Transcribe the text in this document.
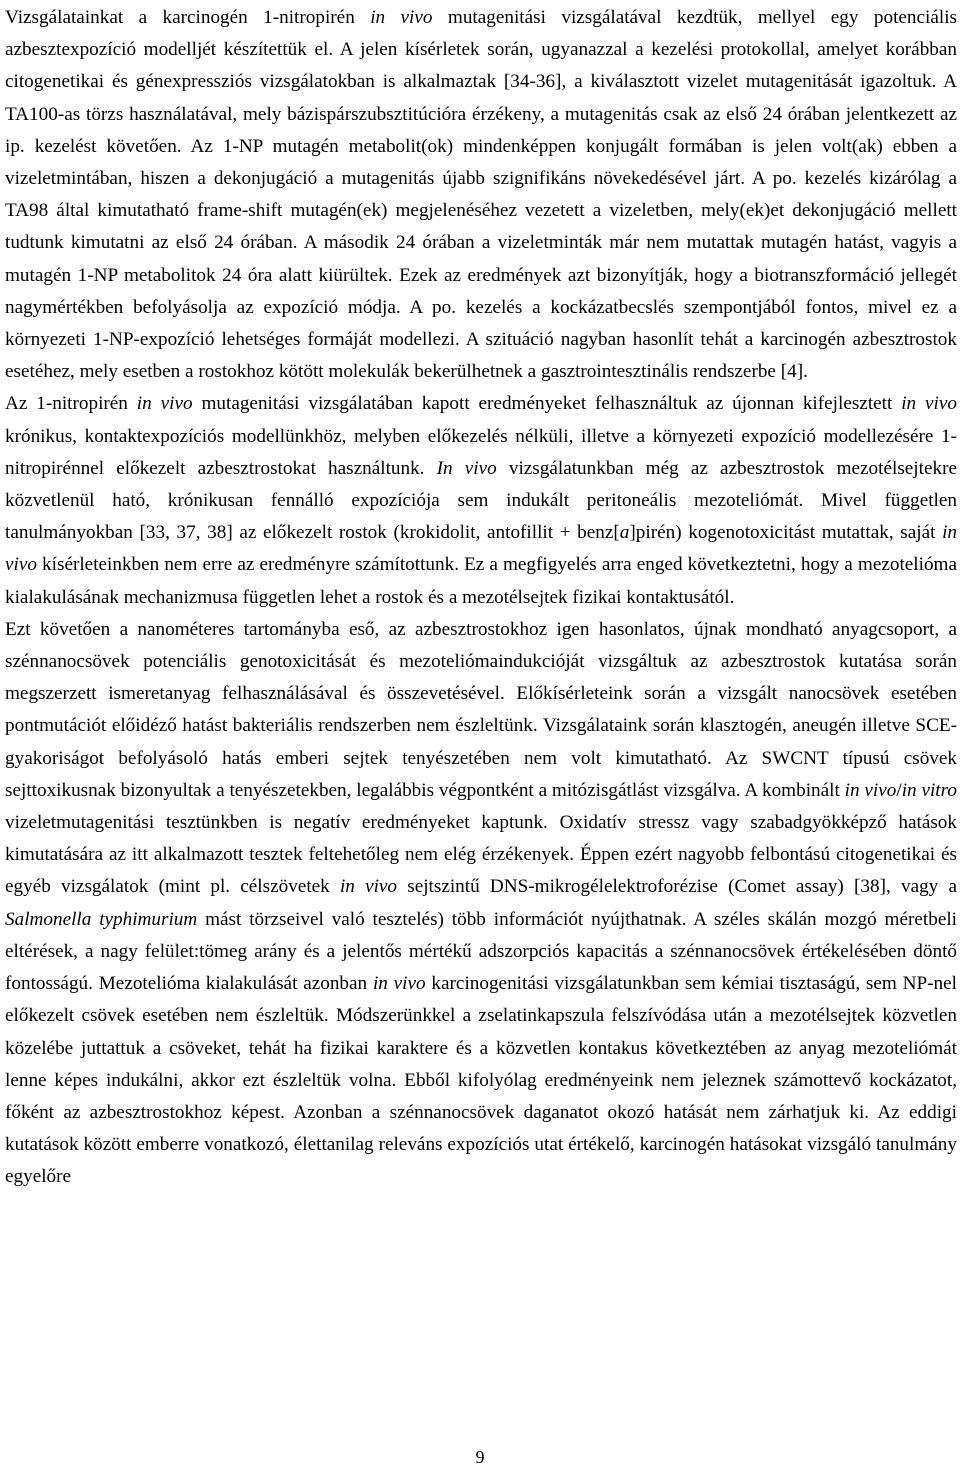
Vizsgálatainkat a karcinogén 1-nitropirén in vivo mutagenitási vizsgálatával kezdtük, mellyel egy potenciális azbesztexpozíció modelljét készítettük el. A jelen kísérletek során, ugyanazzal a kezelési protokollal, amelyet korábban citogenetikai és génexpressziós vizsgálatokban is alkalmaztak [34-36], a kiválasztott vizelet mutagenitását igazoltuk. A TA100-as törzs használatával, mely bázispárszubsztitúcióra érzékeny, a mutagenitás csak az első 24 órában jelentkezett az ip. kezelést követően. Az 1-NP mutagén metabolit(ok) mindenképpen konjugált formában is jelen volt(ak) ebben a vizeletmintában, hiszen a dekonjugáció a mutagenitás újabb szignifikáns növekedésével járt. A po. kezelés kizárólag a TA98 által kimutatható frame-shift mutagén(ek) megjelenéséhez vezetett a vizeletben, mely(ek)et dekonjugáció mellett tudtunk kimutatni az első 24 órában. A második 24 órában a vizeletminták már nem mutattak mutagén hatást, vagyis a mutagén 1-NP metabolitok 24 óra alatt kiürültek. Ezek az eredmények azt bizonyítják, hogy a biotranszformáció jellegét nagymértékben befolyásolja az expozíció módja. A po. kezelés a kockázatbecslés szempontjából fontos, mivel ez a környezeti 1-NP-expozíció lehetséges formáját modellezi. A szituáció nagyban hasonlít tehát a karcinogén azbesztrostok esetéhez, mely esetben a rostokhoz kötött molekulák bekerülhetnek a gasztrointesztinális rendszerbe [4].

Az 1-nitropirén in vivo mutagenitási vizsgálatában kapott eredményeket felhasználtuk az újonnan kifejlesztett in vivo krónikus, kontaktexpozíciós modellünkhöz, melyben előkezelés nélküli, illetve a környezeti expozíció modellezésére 1-nitropirénnel előkezelt azbesztrostokat használtunk. In vivo vizsgálatunkban még az azbesztrostok mezotélsejtekre közvetlenül ható, krónikusan fennálló expozíciója sem indukált peritoneális mezoteliómát. Mivel független tanulmányokban [33, 37, 38] az előkezelt rostok (krokidolit, antofillit + benz[a]pirén) kogenotoxicitást mutattak, saját in vivo kísérleteinkben nem erre az eredményre számítottunk. Ez a megfigyelés arra enged következtetni, hogy a mezotelióma kialakulásának mechanizmusa független lehet a rostok és a mezotélsejtek fizikai kontaktusától.

Ezt követően a nanométeres tartományba eső, az azbesztrostokhoz igen hasonlatos, újnak mondható anyagcsoport, a szénnanocsövek potenciális genotoxicitását és mezoteliómaindukcióját vizsgáltuk az azbesztrostok kutatása során megszerzett ismeretanyag felhasználásával és összevetésével. Előkísérleteink során a vizsgált nanocsövek esetében pontmutációt előidéző hatást bakteriális rendszerben nem észleltünk. Vizsgálataink során klasztogén, aneugén illetve SCE-gyakoriságot befolyásoló hatás emberi sejtek tenyészetében nem volt kimutatható. Az SWCNT típusú csövek sejttoxikusnak bizonyultak a tenyészetekben, legalábbis végpontként a mitózisgátlást vizsgálva. A kombinált in vivo/in vitro vizeletmutagenitási tesztünkben is negatív eredményeket kaptunk. Oxidatív stressz vagy szabadgyökképző hatások kimutatására az itt alkalmazott tesztek feltehetőleg nem elég érzékenyek. Éppen ezért nagyobb felbontású citogenetikai és egyéb vizsgálatok (mint pl. célszövetek in vivo sejtszintű DNS-mikrogélelektroforézise (Comet assay) [38], vagy a Salmonella typhimurium mást törzseivel való tesztelés) több információt nyújthatnak. A széles skálán mozgó méretbeli eltérések, a nagy felület:tömeg arány és a jelentős mértékű adszorpciós kapacitás a szénnanocsövek értékelésében döntő fontosságú. Mezotelióma kialakulását azonban in vivo karcinogenitási vizsgálatunkban sem kémiai tisztaságú, sem NP-nel előkezelt csövek esetében nem észleltük. Módszerünkkel a zselatinkapszula felszívódása után a mezotélsejtek közvetlen közelébe juttattuk a csöveket, tehát ha fizikai karaktere és a közvetlen kontakus következtében az anyag mezoteliómát lenne képes indukálni, akkor ezt észleltük volna. Ebből kifolyólag eredményeink nem jeleznek számottevő kockázatot, főként az azbesztrostokhoz képest. Azonban a szénnanocsövek daganatot okozó hatását nem zárhatjuk ki. Az eddigi kutatások között emberre vonatkozó, élettanilag releváns expozíciós utat értékelő, karcinogén hatásokat vizsgáló tanulmány egyelőre

9
